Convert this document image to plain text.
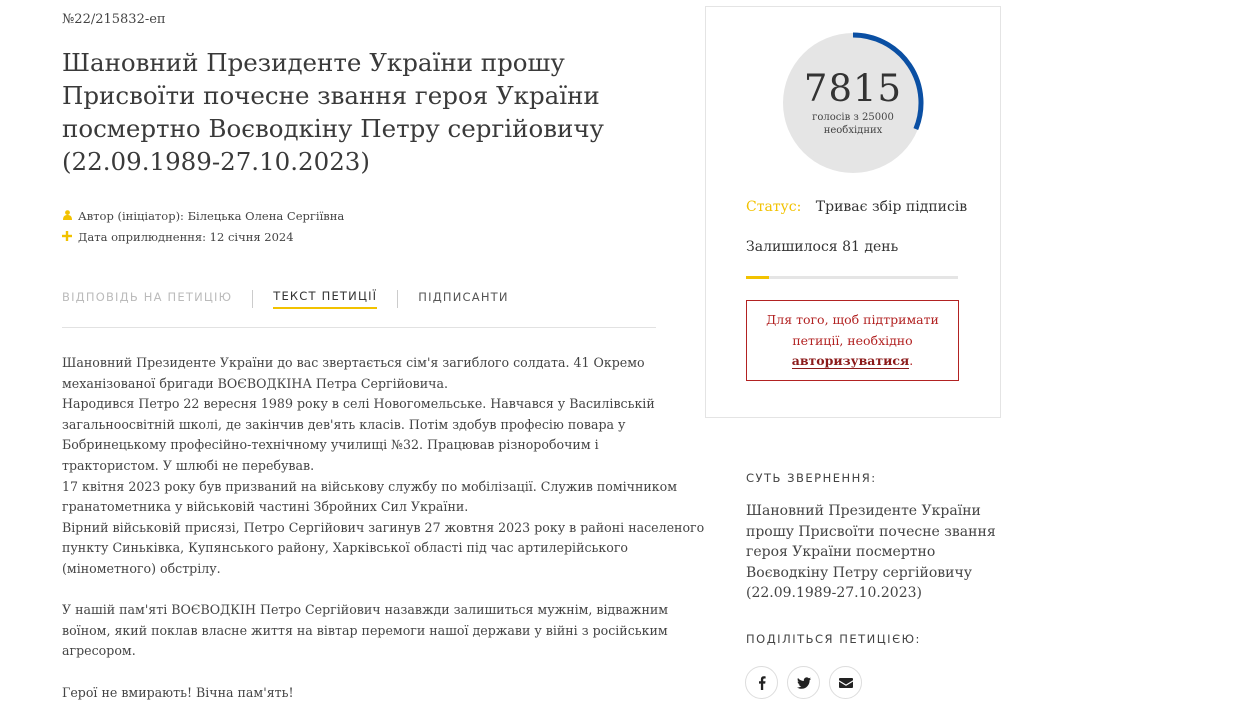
№22/215832-еп
Шановний Президенте України прошу
Присвоїти почесне звання героя України
посмертно Воєводкіну Петру сергійовичу
(22.09.1989-27.10.2023)
Автор (ініціатор): Білецька Олена Сергіївна
Дата оприлюднення: 12 січня 2024
ВІДПОВІДЬ НА ПЕТИЦІЮ	ТЕКСТ ПЕТИЦІЇ	ПІДПИСАНТИ

Шановний Президенте України до вас звертається сім'я загиблого солдата. 41 Окремо

механізованої бригади ВОЄВОДКІНА Петра Сергійовича.

Народився Петро 22 вересня 1989 року в селі Новогомельське. Навчався у Василівській

загальноосвітній школі, де закінчив дев'ять класів. Потім здобув професію повара у

Бобринецькому професійно-технічному училищі №32. Працював різноробочим і

трактористом. У шлюбі не перебував.

17 квітня 2023 року був призваний на військову службу по мобілізації. Служив помічником

гранатометника у військовій частині Збройних Сил України.

Вірний військовій присязі, Петро Сергійович загинув 27 жовтня 2023 року в районі населеного

пункту Синьківка, Купянського району, Харківської області під час артилерійського

(мінометного) обстрілу.

У нашій пам'яті ВОЄВОДКІН Петро Сергійович назавжди залишиться мужнім, відважним

воїном, який поклав власне життя на вівтар перемоги нашої держави у війні з російським

агресором.

Герої не вмирають! Вічна пам'ять!

7815
голосів з 25000
необхідних
Статус: Триває збір підписів
Залишилося 81 день
Для того, щоб підтримати
петиції, необхідно
авторизуватися.
СУТЬ ЗВЕРНЕННЯ:
Шановний Президенте України
прошу Присвоїти почесне звання
героя України посмертно
Воєводкіну Петру сергійовичу
(22.09.1989-27.10.2023)
ПОДІЛІТЬСЯ ПЕТИЦІЄЮ:
